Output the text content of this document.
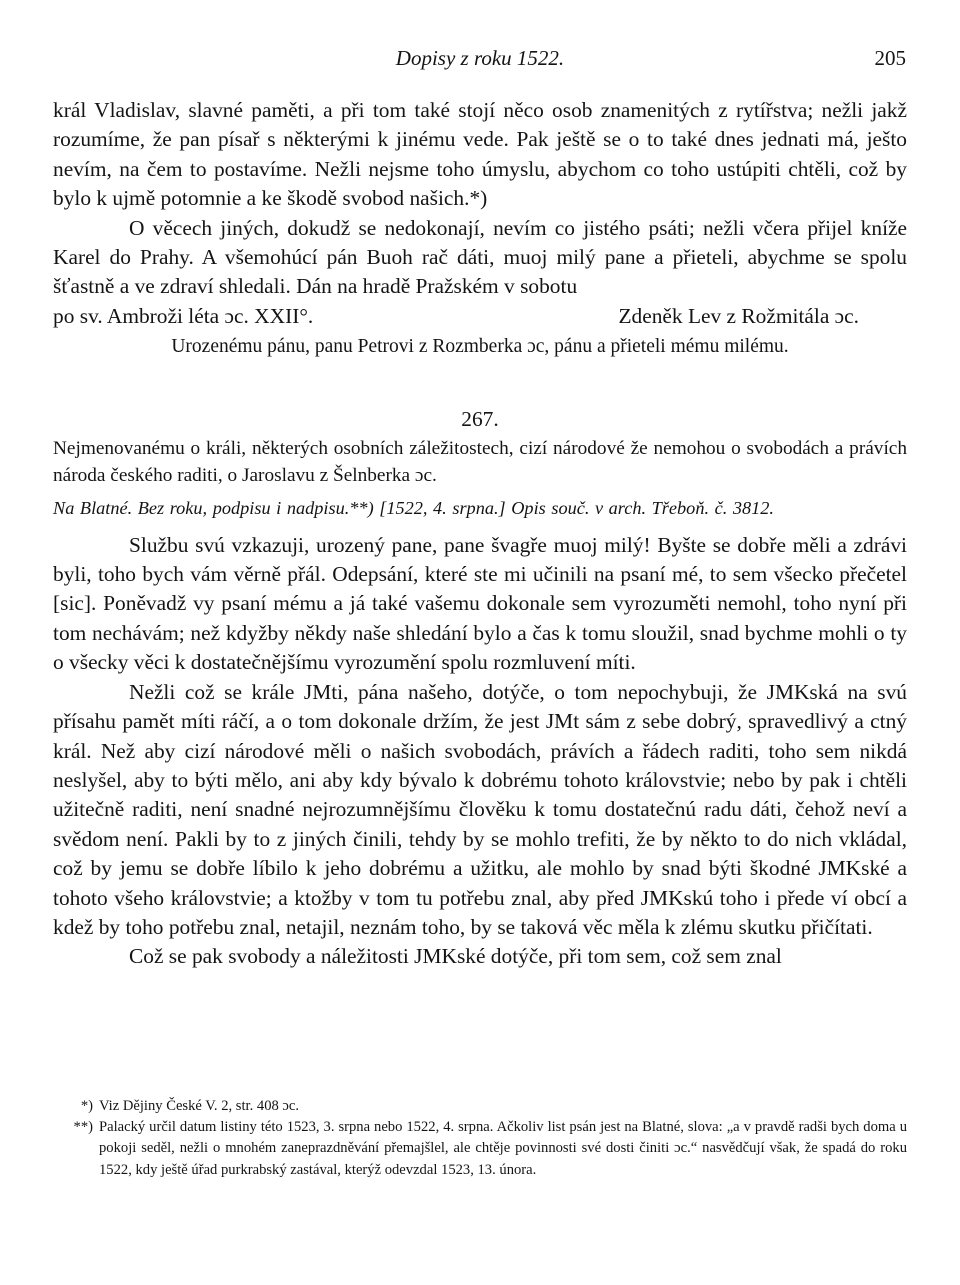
Dopisy z roku 1522.	205

král Vladislav, slavné paměti, a při tom také stojí něco osob znamenitých z rytířstva; nežli jakž rozumíme, že pan písař s některými k jinému vede. Pak ještě se o to také dnes jednati má, ješto nevím, na čem to postavíme. Nežli nejsme toho úmyslu, abychom co toho ustúpiti chtěli, což by bylo k ujmě potomnie a ke škodě svobod našich.*)

O věcech jiných, dokudž se nedokonají, nevím co jistého psáti; nežli včera přijel kníže Karel do Prahy. A všemohúcí pán Buoh rač dáti, muoj milý pane a přieteli, abychme se spolu šťastně a ve zdraví shledali. Dán na hradě Pražském v sobotu

po sv. Ambroži léta ɔc. XXII°.	Zdeněk Lev z Rožmitála ɔc.
Urozenému pánu, panu Petrovi z Rozmberka ɔc, pánu a přieteli mému milému.
267.

Nejmenovanému o králi, některých osobních záležitostech, cizí národové že nemohou o svobodách a právích národa českého raditi, o Jaroslavu z Šelnberka ɔc.

Na Blatné. Bez roku, podpisu i nadpisu.**) [1522, 4. srpna.] Opis souč. v arch. Třeboň. č. 3812.

Službu svú vzkazuji, urozený pane, pane švagře muoj milý! Byšte se dobře měli a zdrávi byli, toho bych vám věrně přál. Odepsání, které ste mi učinili na psaní mé, to sem všecko přečetel [sic]. Poněvadž vy psaní mému a já také vašemu dokonale sem vyrozuměti nemohl, toho nyní při tom nechávám; než kdyžby někdy naše shledání bylo a čas k tomu sloužil, snad bychme mohli o ty o všecky věci k dostatečnějšímu vyrozumění spolu rozmluvení míti.

Nežli což se krále JMti, pána našeho, dotýče, o tom nepochybuji, že JMKská na svú přísahu pamět míti ráčí, a o tom dokonale držím, že jest JMt sám z sebe dobrý, spravedlivý a ctný král. Než aby cizí národové měli o našich svobodách, právích a řádech raditi, toho sem nikdá neslyšel, aby to býti mělo, ani aby kdy bývalo k dobrému tohoto královstvie; nebo by pak i chtěli užitečně raditi, není snadné nejrozumnějšímu člověku k tomu dostatečnú radu dáti, čehož neví a svědom není. Pakli by to z jiných činili, tehdy by se mohlo trefiti, že by někto to do nich vkládal, což by jemu se dobře líbilo k jeho dobrému a užitku, ale mohlo by snad býti škodné JMKské a tohoto všeho královstvie; a ktožby v tom tu potřebu znal, aby před JMKskú toho i přede ví obcí a kdež by toho potřebu znal, netajil, neznám toho, by se taková věc měla k zlému skutku přičítati.

Což se pak svobody a náležitosti JMKské dotýče, při tom sem, což sem znal

*) Viz Dějiny České V. 2, str. 408 ɔc.
**) Palacký určil datum listiny této 1523, 3. srpna nebo 1522, 4. srpna. Ačkoliv list psán jest na Blatné, slova: „a v pravdě radši bych doma u pokoji seděl, nežli o mnohém zaneprazdněvání přemajšlel, ale chtěje povinnosti své dosti činiti ɔc.“ nasvědčují však, že spadá do roku 1522, kdy ještě úřad purkrabský zastával, kterýž odevzdal 1523, 13. února.
